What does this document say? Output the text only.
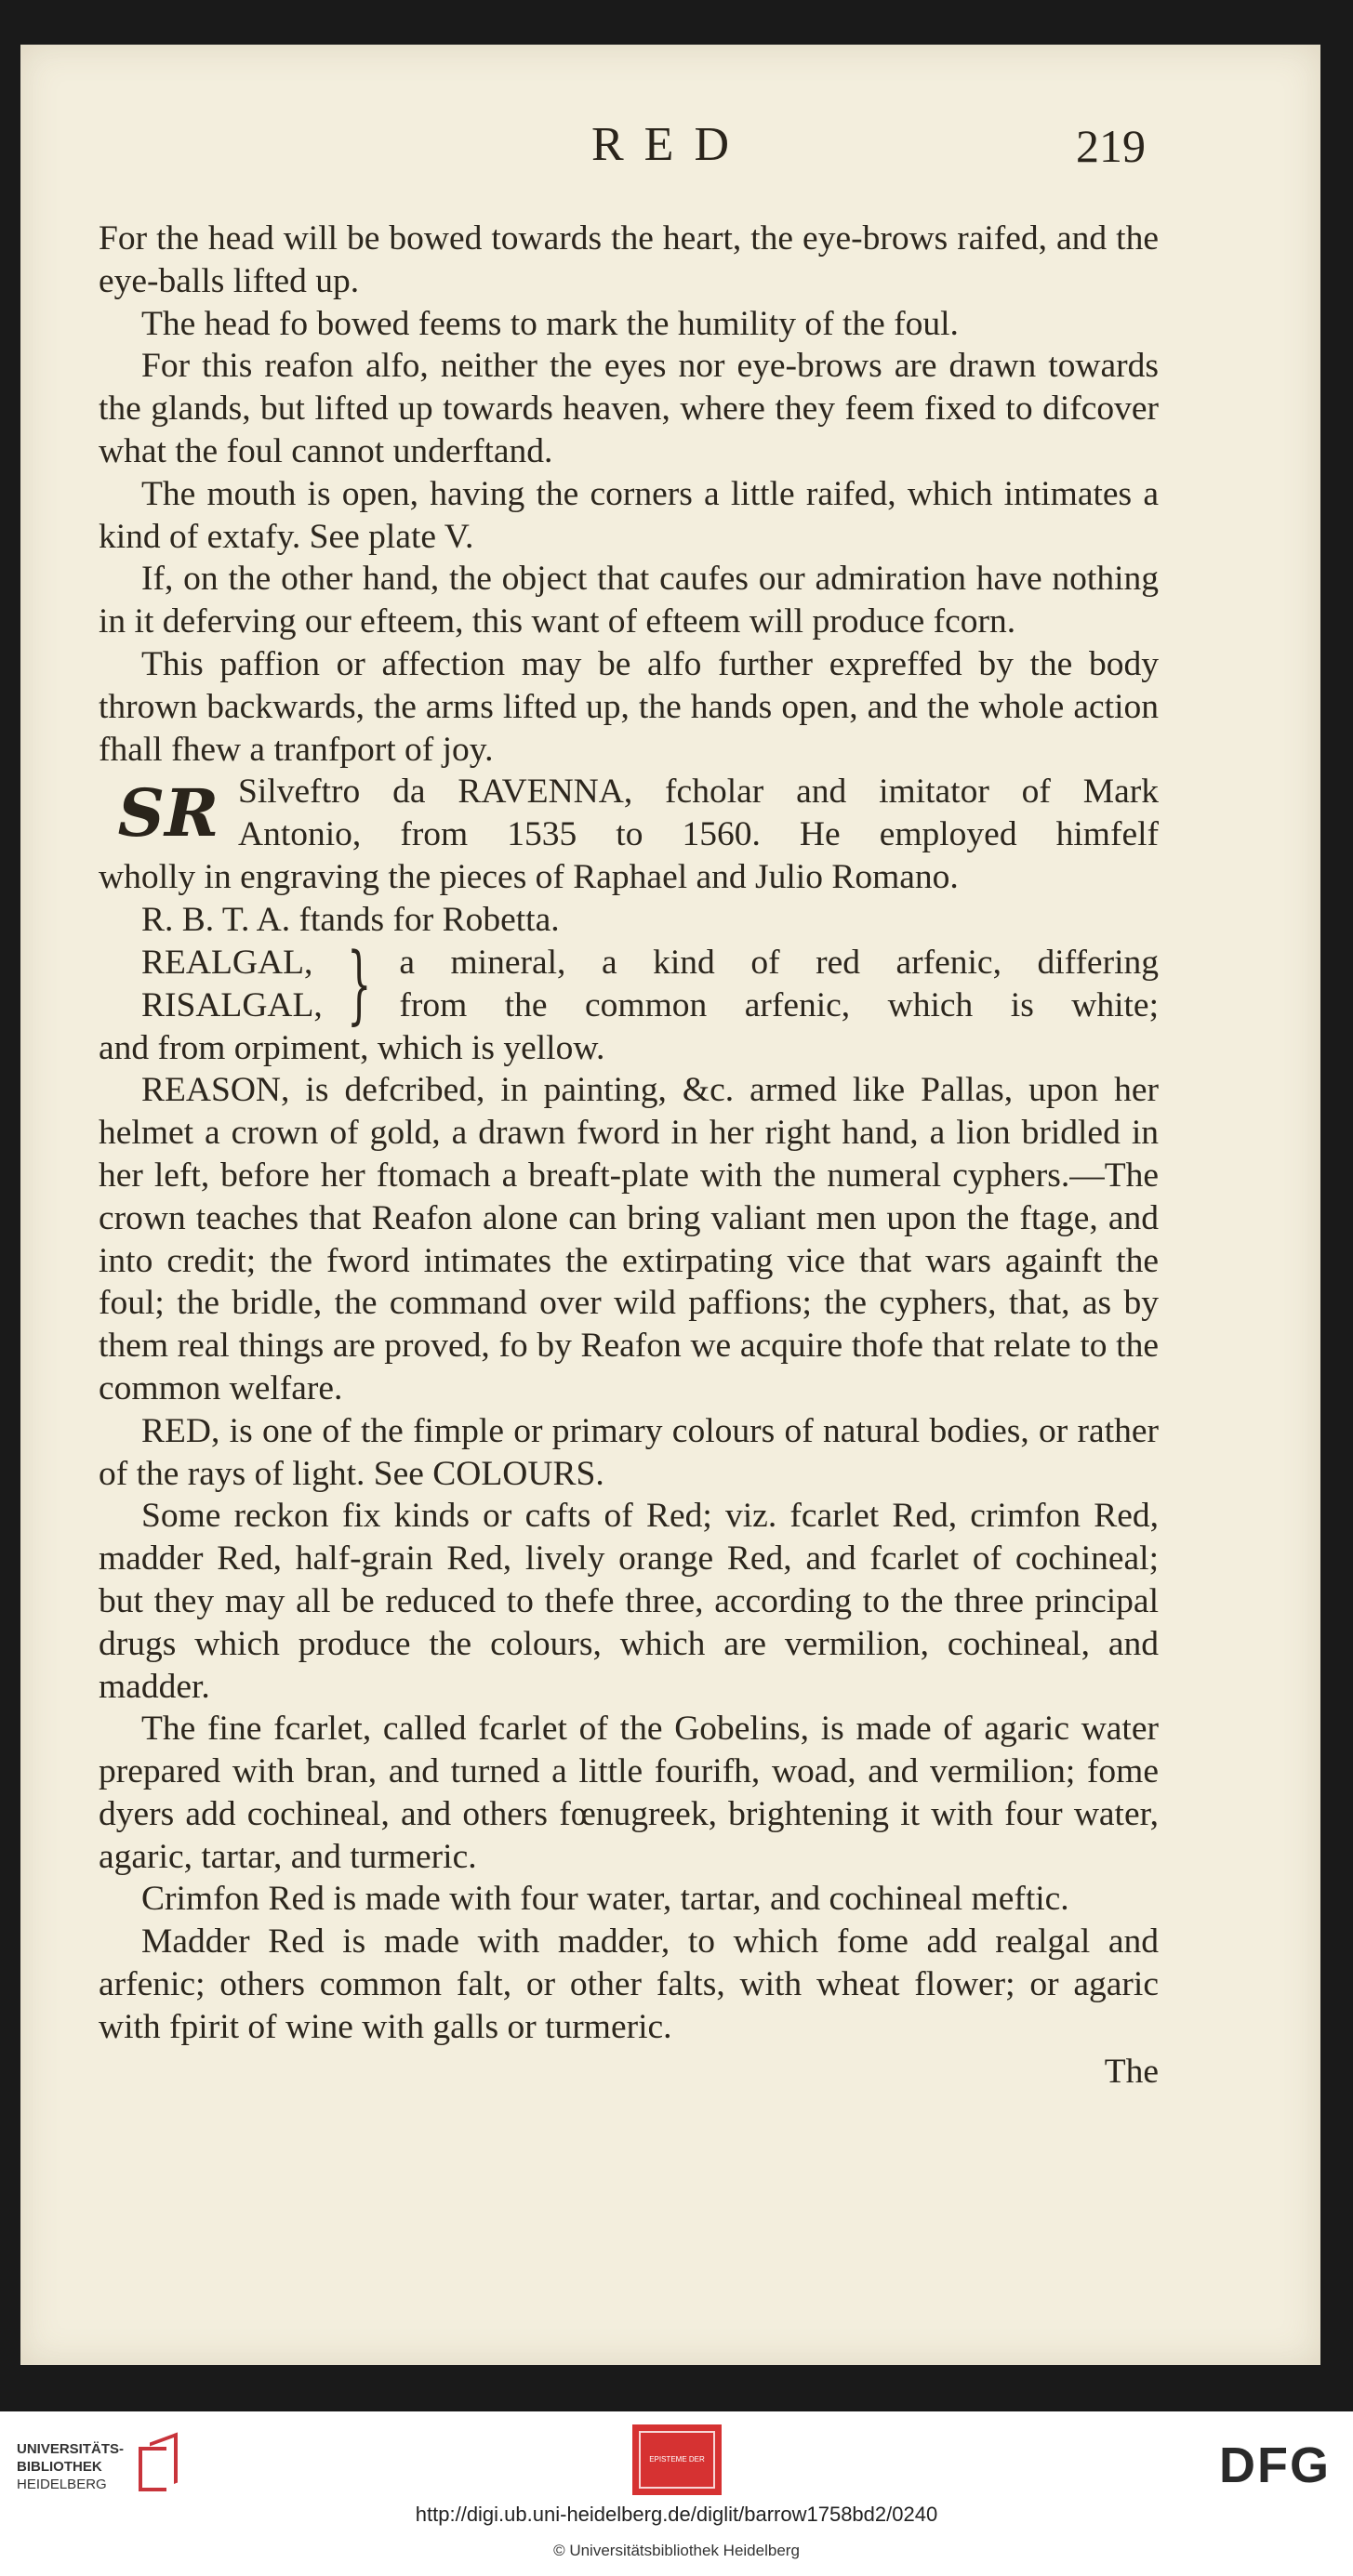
RED	219

For the head will be bowed towards the heart, the eye-brows raifed, and the eye-balls lifted up.

The head fo bowed feems to mark the humility of the foul.

For this reafon alfo, neither the eyes nor eye-brows are drawn towards the glands, but lifted up towards heaven, where they feem fixed to difcover what the foul cannot underftand.

The mouth is open, having the corners a little raifed, which intimates a kind of extafy. See plate V.

If, on the other hand, the object that caufes our admiration have nothing in it deferving our efteem, this want of efteem will produce fcorn.

This paffion or affection may be alfo further expreffed by the body thrown backwards, the arms lifted up, the hands open, and the whole action fhall fhew a tranfport of joy.

SR Silveftro da RAVENNA, fcholar and imitator of Mark
Antonio, from 1535 to 1560. He employed himfelf

wholly in engraving the pieces of Raphael and Julio Romano.

R. B. T. A. ftands for Robetta.

REALGAL,
RISALGAL, } a mineral, a kind of red arfenic, differing
from the common arfenic, which is white;

and from orpiment, which is yellow.

REASON, is defcribed, in painting, &c. armed like Pallas, upon her helmet a crown of gold, a drawn fword in her right hand, a lion bridled in her left, before her ftomach a breaft-plate with the numeral cyphers.—The crown teaches that Reafon alone can bring valiant men upon the ftage, and into credit; the fword intimates the extirpating vice that wars againft the foul; the bridle, the command over wild paffions; the cyphers, that, as by them real things are proved, fo by Reafon we acquire thofe that relate to the common welfare.

RED, is one of the fimple or primary colours of natural bodies, or rather of the rays of light. See COLOURS.

Some reckon fix kinds or cafts of Red; viz. fcarlet Red, crimfon Red, madder Red, half-grain Red, lively orange Red, and fcarlet of cochineal; but they may all be reduced to thefe three, according to the three principal drugs which produce the colours, which are vermilion, cochineal, and madder.

The fine fcarlet, called fcarlet of the Gobelins, is made of agaric water prepared with bran, and turned a little fourifh, woad, and vermilion; fome dyers add cochineal, and others fœnugreek, brightening it with four water, agaric, tartar, and turmeric.

Crimfon Red is made with four water, tartar, and cochineal meftic.

Madder Red is made with madder, to which fome add realgal and arfenic; others common falt, or other falts, with wheat flower; or agaric with fpirit of wine with galls or turmeric.

The
UNIVERSITÄTS-
BIBLIOTHEK
HEIDELBERG
EPISTEME DER	DFG
http://digi.ub.uni-heidelberg.de/diglit/barrow1758bd2/0240
© Universitätsbibliothek Heidelberg
